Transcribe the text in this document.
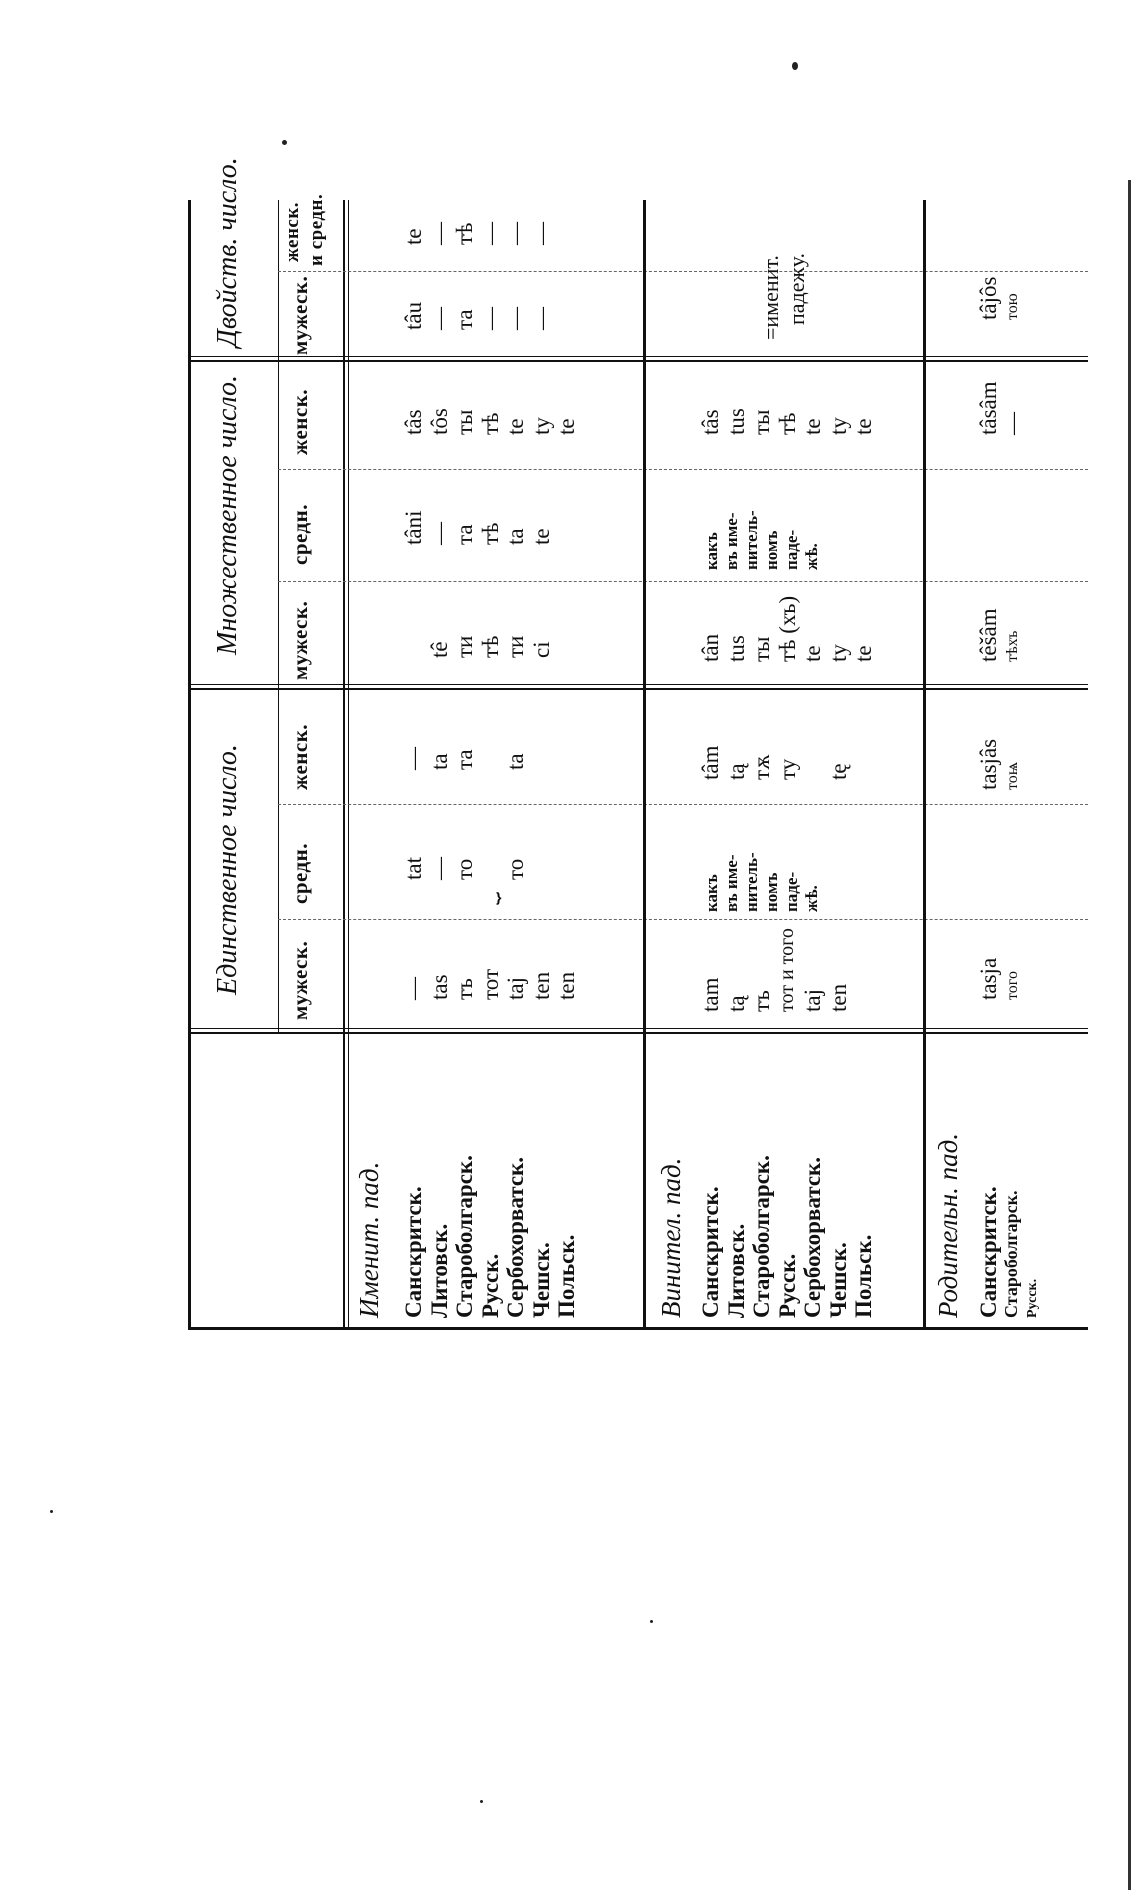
Единственное число.
Множественное число.
Двойств. число.
мужеск.
средн.
женск.
мужеск.
средн.
женск.
мужеск.
женск. и средн.
Именит. пад. Санскритск. Литовск. Староболгарск. Русск. Сербохорватск. Чешск. Польск.
— tas тъ тот taj ten ten
tat — то то
— ta та ta
⏟
tê ти тѣ ти ci
tâni — та тѣ ta te
tâs tôs ты тѣ te ty te
tâu — та — — —
te — тѣ — — —
Винител. пад. Санскритск. Литовск. Староболгарск. Русск. Сербохорватск. Чешск. Польск.
tam tą тъ тот и того taj ten
какъ въ име- нитель- номъ паде- жѣ.
tâm tą тѫ ту tę
tân tus ты тѣ (хъ) te ty te
какъ въ име- нитель- номъ паде- жѣ.
tâs tus ты тѣ te ty te
=именит. падежу.
Родительн. пад. Санскритск. Староболгарск. Русск.
tasja того
tasjâs тоѩ
têšâm тѣхъ
tâsâm —
tâjôs тою
